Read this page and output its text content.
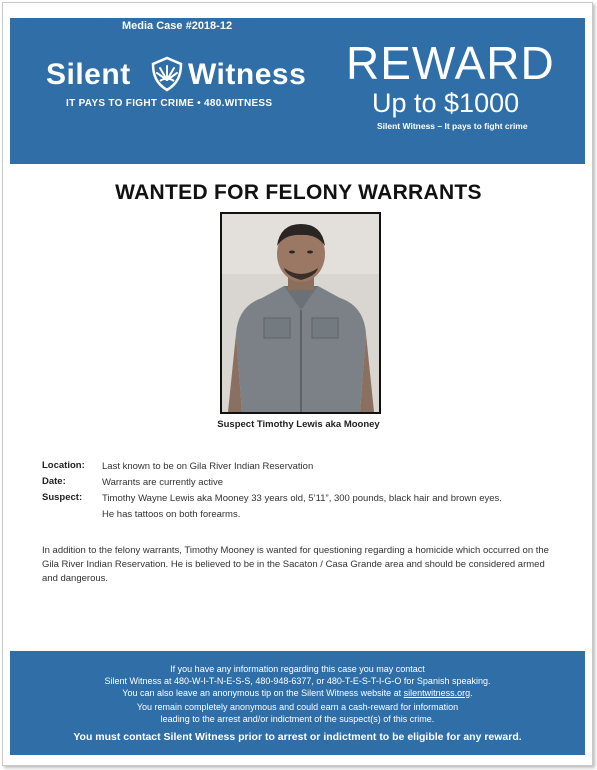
Media Case #2018-12
Silent Witness
IT PAYS TO FIGHT CRIME • 480.WITNESS
REWARD
Up to $1000
Silent Witness – It pays to fight crime
WANTED FOR FELONY WARRANTS
Suspect Timothy Lewis aka Mooney
Location: Last known to be on Gila River Indian Reservation
Date:	Warrants are currently active
Suspect: Timothy Wayne Lewis aka Mooney 33 years old, 5’11”, 300 pounds, black hair and brown eyes.
He has tattoos on both forearms.
In addition to the felony warrants, Timothy Mooney is wanted for questioning regarding a homicide which occurred on the Gila River Indian Reservation. He is believed to be in the Sacaton / Casa Grande area and should be considered armed and dangerous.
If you have any information regarding this case you may contact
Silent Witness at 480-W-I-T-N-E-S-S, 480-948-6377, or 480-T-E-S-T-I-G-O for Spanish speaking.
You can also leave an anonymous tip on the Silent Witness website at silentwitness.org.
You remain completely anonymous and could earn a cash-reward for information
leading to the arrest and/or indictment of the suspect(s) of this crime.
You must contact Silent Witness prior to arrest or indictment to be eligible for any reward.
